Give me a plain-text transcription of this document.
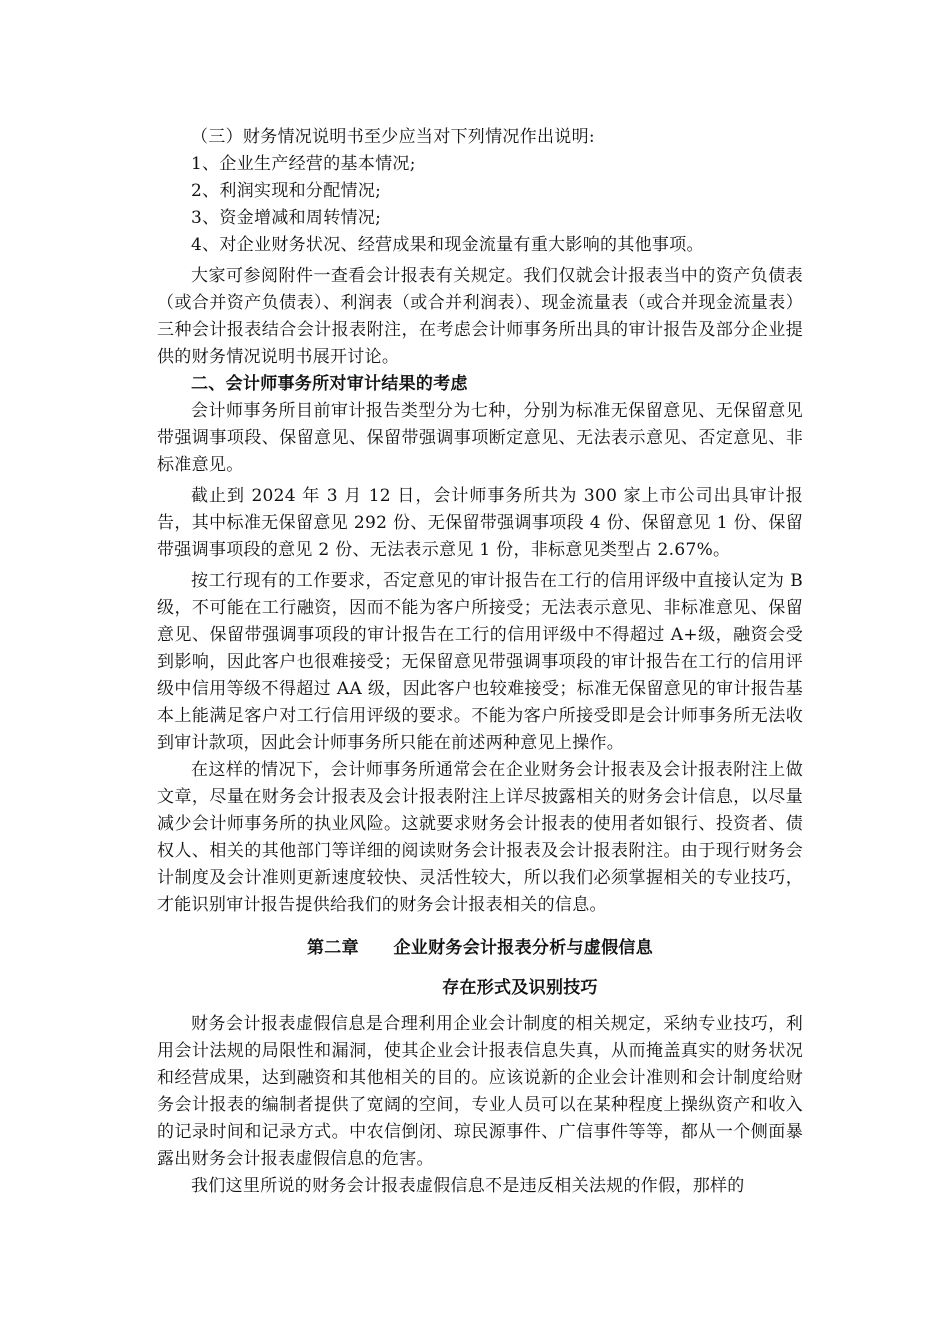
（三）财务情况说明书至少应当对下列情况作出说明:

1、企业生产经营的基本情况;

2、利润实现和分配情况;

3、资金增减和周转情况;

4、对企业财务状况、经营成果和现金流量有重大影响的其他事项。

大家可参阅附件一查看会计报表有关规定。我们仅就会计报表当中的资产负债表（或合并资产负债表）、利润表（或合并利润表）、现金流量表（或合并现金流量表）三种会计报表结合会计报表附注，在考虑会计师事务所出具的审计报告及部分企业提供的财务情况说明书展开讨论。

二、会计师事务所对审计结果的考虑

会计师事务所目前审计报告类型分为七种，分别为标准无保留意见、无保留意见带强调事项段、保留意见、保留带强调事项断定意见、无法表示意见、否定意见、非标准意见。

截止到 2024 年 3 月 12 日，会计师事务所共为 300 家上市公司出具审计报告，其中标准无保留意见 292 份、无保留带强调事项段 4 份、保留意见 1 份、保留带强调事项段的意见 2 份、无法表示意见 1 份，非标意见类型占 2.67%。

按工行现有的工作要求，否定意见的审计报告在工行的信用评级中直接认定为 B 级，不可能在工行融资，因而不能为客户所接受；无法表示意见、非标准意见、保留意见、保留带强调事项段的审计报告在工行的信用评级中不得超过 A+级，融资会受到影响，因此客户也很难接受；无保留意见带强调事项段的审计报告在工行的信用评级中信用等级不得超过 AA 级，因此客户也较难接受；标准无保留意见的审计报告基本上能满足客户对工行信用评级的要求。不能为客户所接受即是会计师事务所无法收到审计款项，因此会计师事务所只能在前述两种意见上操作。

在这样的情况下，会计师事务所通常会在企业财务会计报表及会计报表附注上做文章，尽量在财务会计报表及会计报表附注上详尽披露相关的财务会计信息，以尽量减少会计师事务所的执业风险。这就要求财务会计报表的使用者如银行、投资者、债权人、相关的其他部门等详细的阅读财务会计报表及会计报表附注。由于现行财务会计制度及会计准则更新速度较快、灵活性较大，所以我们必须掌握相关的专业技巧，才能识别审计报告提供给我们的财务会计报表相关的信息。

第二章　　企业财务会计报表分析与虚假信息

存在形式及识别技巧

财务会计报表虚假信息是合理利用企业会计制度的相关规定，采纳专业技巧，利用会计法规的局限性和漏洞，使其企业会计报表信息失真，从而掩盖真实的财务状况和经营成果，达到融资和其他相关的目的。应该说新的企业会计准则和会计制度给财务会计报表的编制者提供了宽阔的空间，专业人员可以在某种程度上操纵资产和收入的记录时间和记录方式。中农信倒闭、琼民源事件、广信事件等等，都从一个侧面暴露出财务会计报表虚假信息的危害。

我们这里所说的财务会计报表虚假信息不是违反相关法规的作假，那样的
